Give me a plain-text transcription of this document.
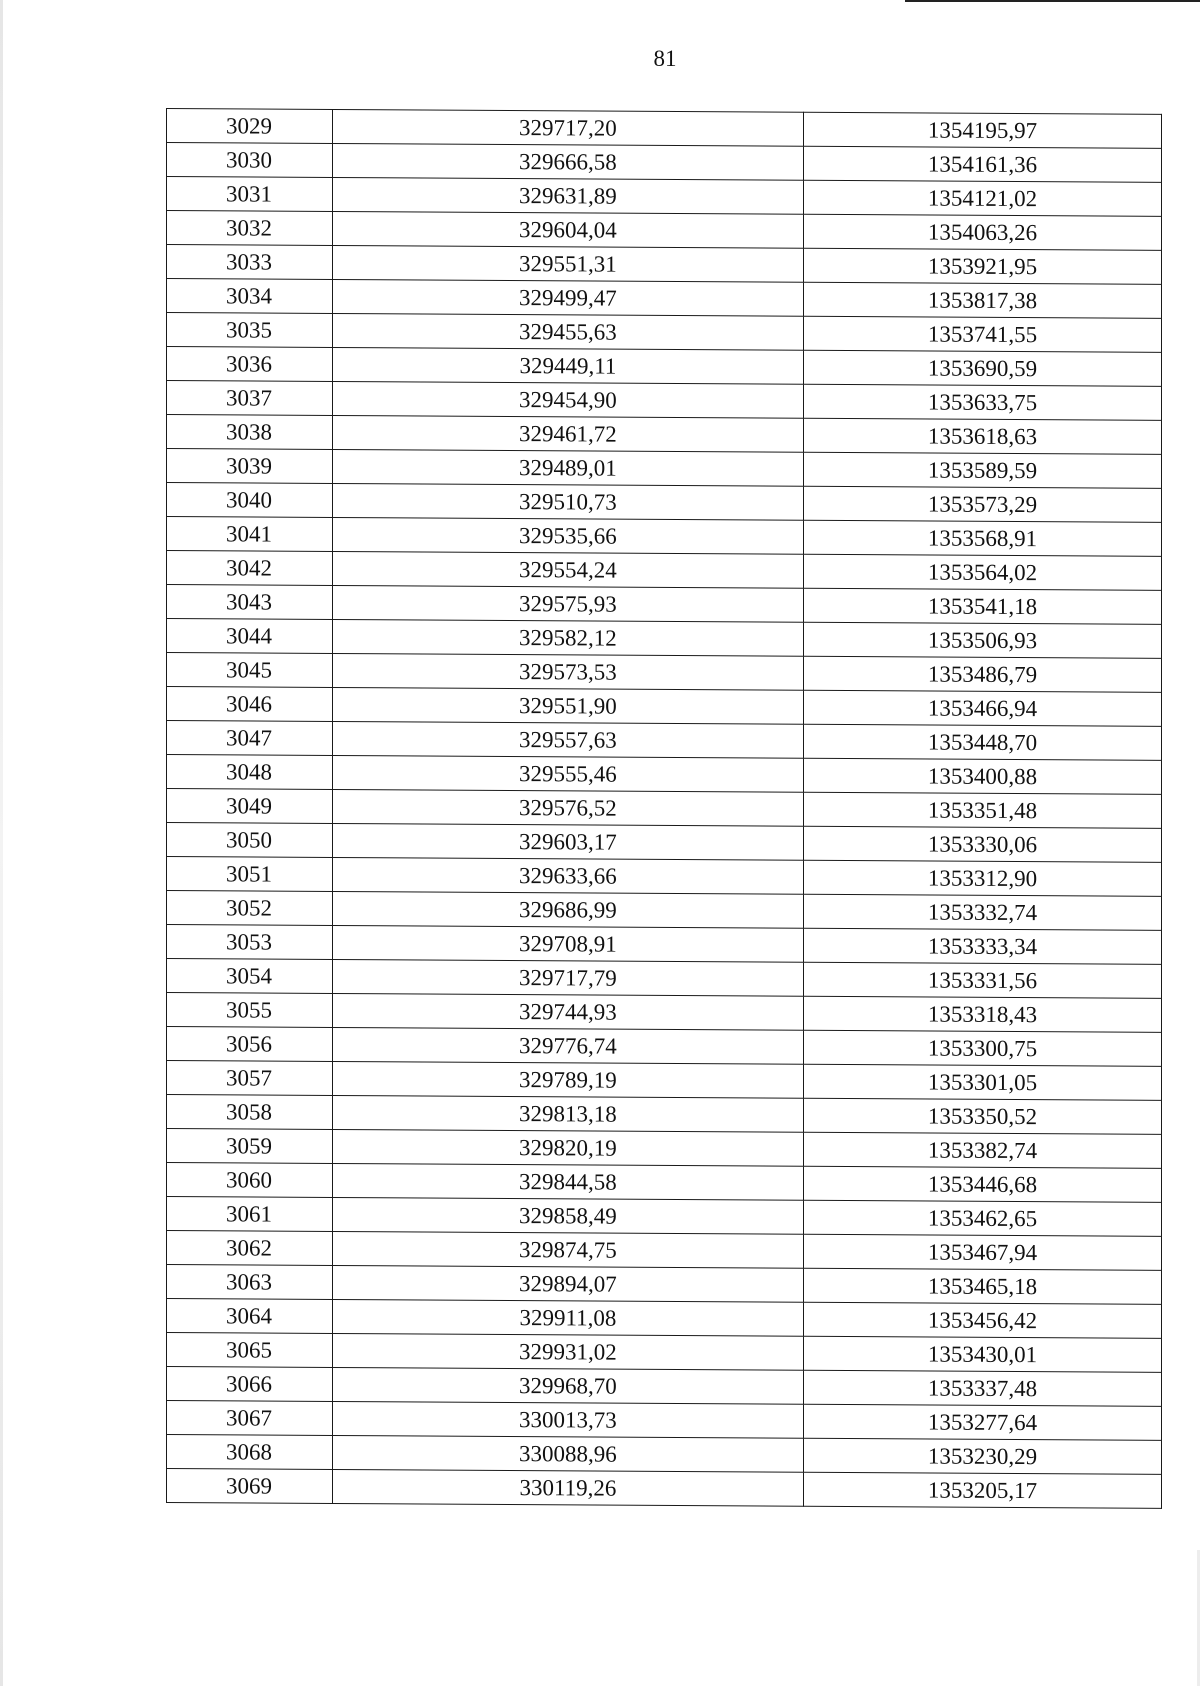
81
3029	329717,20	1354195,97
3030	329666,58	1354161,36
3031	329631,89	1354121,02
3032	329604,04	1354063,26
3033	329551,31	1353921,95
3034	329499,47	1353817,38
3035	329455,63	1353741,55
3036	329449,11	1353690,59
3037	329454,90	1353633,75
3038	329461,72	1353618,63
3039	329489,01	1353589,59
3040	329510,73	1353573,29
3041	329535,66	1353568,91
3042	329554,24	1353564,02
3043	329575,93	1353541,18
3044	329582,12	1353506,93
3045	329573,53	1353486,79
3046	329551,90	1353466,94
3047	329557,63	1353448,70
3048	329555,46	1353400,88
3049	329576,52	1353351,48
3050	329603,17	1353330,06
3051	329633,66	1353312,90
3052	329686,99	1353332,74
3053	329708,91	1353333,34
3054	329717,79	1353331,56
3055	329744,93	1353318,43
3056	329776,74	1353300,75
3057	329789,19	1353301,05
3058	329813,18	1353350,52
3059	329820,19	1353382,74
3060	329844,58	1353446,68
3061	329858,49	1353462,65
3062	329874,75	1353467,94
3063	329894,07	1353465,18
3064	329911,08	1353456,42
3065	329931,02	1353430,01
3066	329968,70	1353337,48
3067	330013,73	1353277,64
3068	330088,96	1353230,29
3069	330119,26	1353205,17
